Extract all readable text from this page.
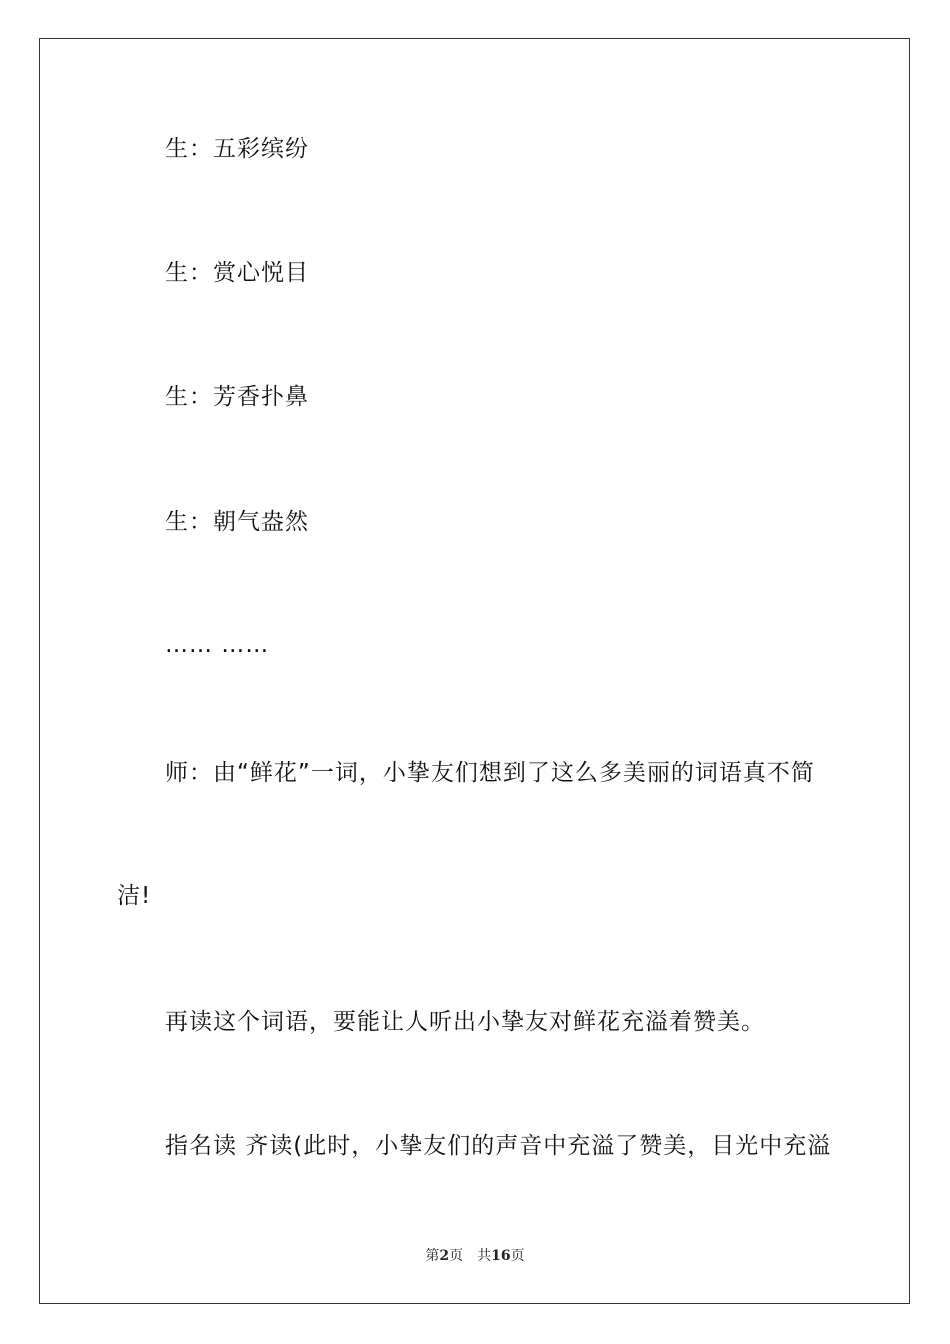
生：五彩缤纷

生：赏心悦目

生：芳香扑鼻

生：朝气盎然

…… ……

师：由“鲜花”一词，小挚友们想到了这么多美丽的词语真不简

洁!

再读这个词语，要能让人听出小挚友对鲜花充溢着赞美。

指名读 齐读(此时，小挚友们的声音中充溢了赞美，目光中充溢

第2页 共16页
